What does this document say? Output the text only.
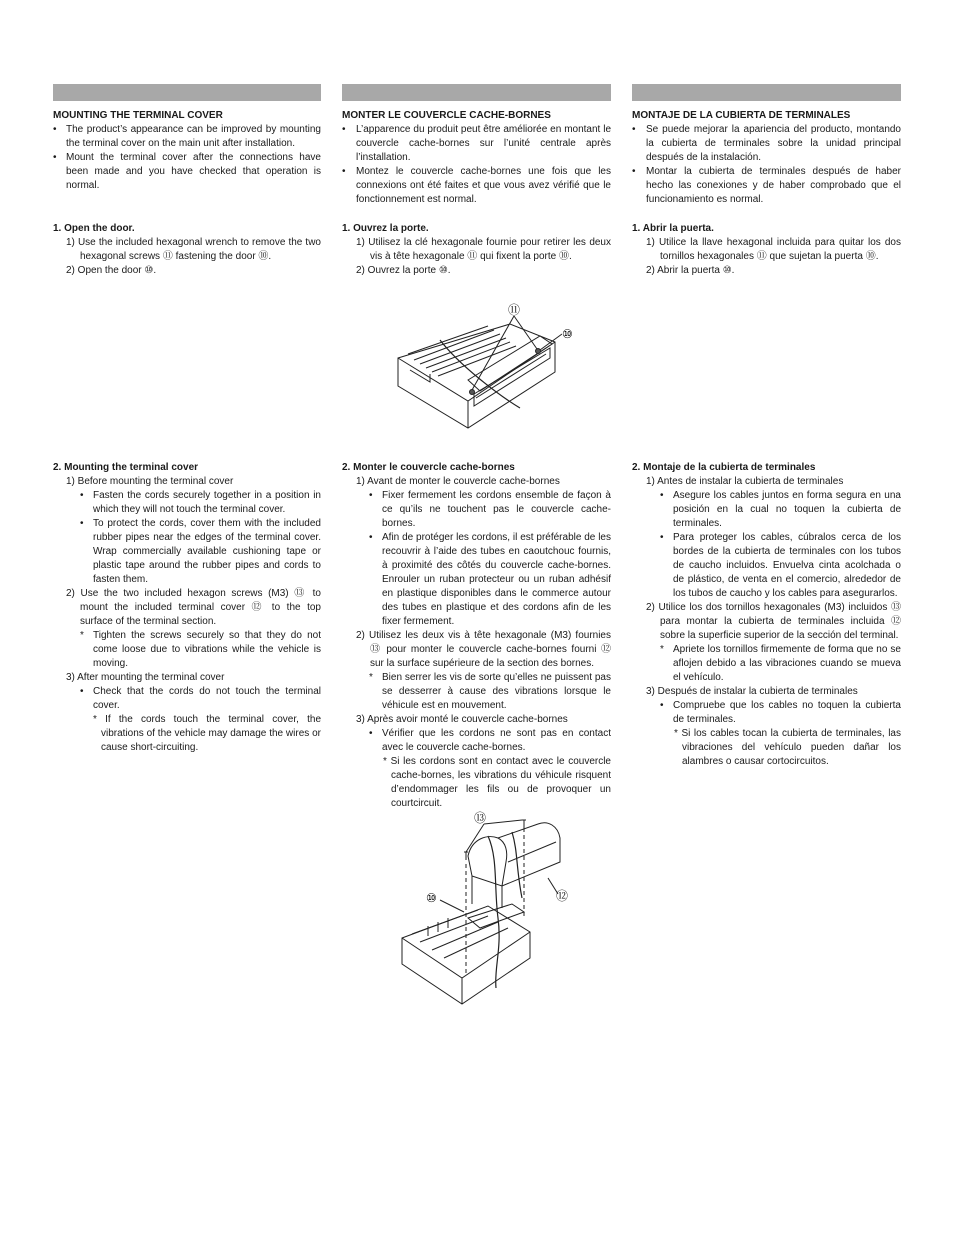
MOUNTING THE TERMINAL COVER
• The product’s appearance can be improved by mounting the terminal cover on the main unit after installation.
• Mount the terminal cover after the connections have been made and you have checked that operation is normal.
1. Open the door.
1) Use the included hexagonal wrench to remove the two hexagonal screws ⑪ fastening the door ⑩.
2) Open the door ⑩.
2. Mounting the terminal cover
1) Before mounting the terminal cover
• Fasten the cords securely together in a position in which they will not touch the terminal cover.
• To protect the cords, cover them with the included rubber pipes near the edges of the terminal cover. Wrap commercially available cushioning tape or plastic tape around the rubber pipes and cords to fasten them.
2) Use the two included hexagon screws (M3) ⑬ to mount the included terminal cover ⑫ to the top surface of the terminal section.
* Tighten the screws securely so that they do not come loose due to vibrations while the vehicle is moving.
3) After mounting the terminal cover
• Check that the cords do not touch the terminal cover.
* If the cords touch the terminal cover, the vibrations of the vehicle may damage the wires or cause short-circuiting.
MONTER LE COUVERCLE CACHE-BORNES
• L’apparence du produit peut être améliorée en montant le couvercle cache-bornes sur l’unité centrale après l’installation.
• Montez le couvercle cache-bornes une fois que les connexions ont été faites et que vous avez vérifié que le fonctionnement est normal.
1. Ouvrez la porte.
1) Utilisez la clé hexagonale fournie pour retirer les deux vis à tête hexagonale ⑪ qui fixent la porte ⑩.
2) Ouvrez la porte ⑩.
2. Monter le couvercle cache-bornes
1) Avant de monter le couvercle cache-bornes
• Fixer fermement les cordons ensemble de façon à ce qu’ils ne touchent pas le couvercle cache-bornes.
• Afin de protéger les cordons, il est préférable de les recouvrir à l’aide des tubes en caoutchouc fournis, à proximité des côtés du couvercle cache-bornes. Enrouler un ruban protecteur ou un ruban adhésif en plastique disponibles dans le commerce autour des tubes en plastique et des cordons afin de les fixer fermement.
2) Utilisez les deux vis à tête hexagonale (M3) fournies ⑬ pour monter le couvercle cache-bornes fourni ⑫ sur la surface supérieure de la section des bornes.
* Bien serrer les vis de sorte qu’elles ne puissent pas se desserrer à cause des vibrations lorsque le véhicule est en mouvement.
3) Après avoir monté le couvercle cache-bornes
• Vérifier que les cordons ne sont pas en contact avec le couvercle cache-bornes.
* Si les cordons sont en contact avec le couvercle cache-bornes, les vibrations du véhicule risquent d’endommager les fils ou de provoquer un courtcircuit.
MONTAJE DE LA CUBIERTA DE TERMINALES
• Se puede mejorar la apariencia del producto, montando la cubierta de terminales sobre la unidad principal después de la instalación.
• Montar la cubierta de terminales después de haber hecho las conexiones y de haber comprobado que el funcionamiento es normal.
1. Abrir la puerta.
1) Utilice la llave hexagonal incluida para quitar los dos tornillos hexagonales ⑪ que sujetan la puerta ⑩.
2) Abrir la puerta ⑩.
2. Montaje de la cubierta de terminales
1) Antes de instalar la cubierta de terminales
• Asegure los cables juntos en forma segura en una posición en la cual no toquen la cubierta de terminales.
• Para proteger los cables, cúbralos cerca de los bordes de la cubierta de terminales con los tubos de caucho incluidos. Envuelva cinta acolchada o de plástico, de venta en el comercio, alrededor de los tubos de caucho y los cables para asegurarlos.
2) Utilice los dos tornillos hexagonales (M3) incluidos ⑬ para montar la cubierta de terminales incluida ⑫ sobre la superficie superior de la sección del terminal.
* Apriete los tornillos firmemente de forma que no se aflojen debido a las vibraciones cuando se mueva el vehículo.
3) Después de instalar la cubierta de terminales
• Compruebe que los cables no toquen la cubierta de terminales.
* Si los cables tocan la cubierta de terminales, las vibraciones del vehículo pueden dañar los alambres o causar cortocircuitos.
⑪
⑩
⑬
⑩	⑫
